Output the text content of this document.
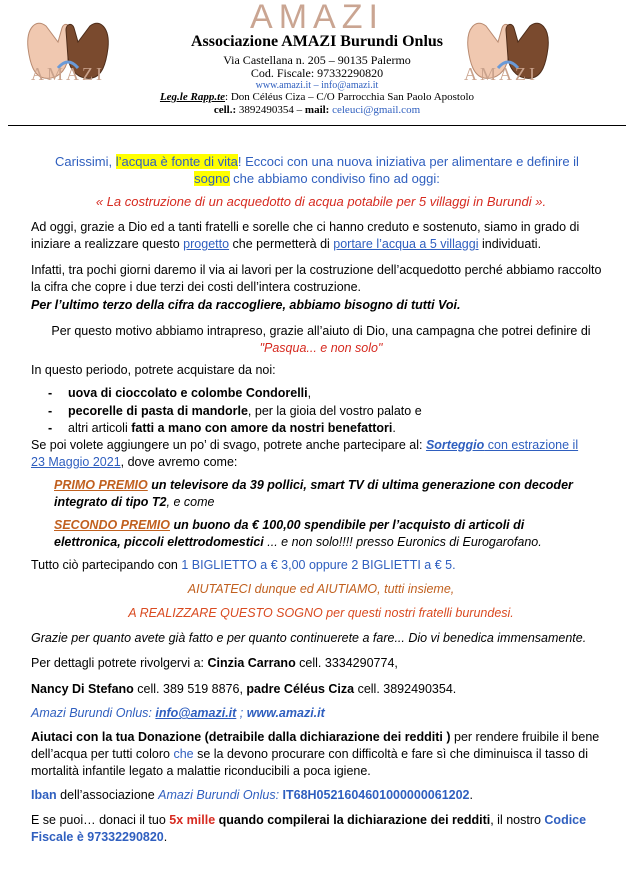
AMAZI	AMAZI
AMAZI
Associazione AMAZI Burundi Onlus
Via Castellana n. 205 – 90135 Palermo
Cod. Fiscale: 97332290820
www.amazi.it – info@amazi.it
Leg.le Rapp.te: Don Céléus Ciza – C/O Parrocchia San Paolo Apostolo
cell.: 3892490354 – mail: celeuci@gmail.com
Carissimi, l’acqua è fonte di vita! Eccoci con una nuova iniziativa per alimentare e definire il
sogno che abbiamo condiviso fino ad oggi:
« La costruzione di un acquedotto di acqua potabile per 5 villaggi in Burundi ».
Ad oggi, grazie a Dio ed a tanti fratelli e sorelle che ci hanno creduto e sostenuto, siamo in grado di iniziare a realizzare questo progetto che permetterà di portare l’acqua a 5 villaggi individuati.
Infatti, tra pochi giorni daremo il via ai lavori per la costruzione dell’acquedotto perché abbiamo raccolto la cifra che copre i due terzi dei costi dell’intera costruzione.
Per l’ultimo terzo della cifra da raccogliere, abbiamo bisogno di tutti Voi.
Per questo motivo abbiamo intrapreso, grazie all’aiuto di Dio, una campagna che potrei definire di
"Pasqua... e non solo"
In questo periodo, potrete acquistare da noi:
- uova di cioccolato e colombe Condorelli,
- pecorelle di pasta di mandorle, per la gioia del vostro palato e
- altri articoli fatti a mano con amore da nostri benefattori.
Se poi volete aggiungere un po’ di svago, potrete anche partecipare al: Sorteggio con estrazione il
23 Maggio 2021, dove avremo come:
PRIMO PREMIO un televisore da 39 pollici, smart TV di ultima generazione con decoder
integrato di tipo T2, e come
SECONDO PREMIO un buono da € 100,00 spendibile per l’acquisto di articoli di
elettronica, piccoli elettrodomestici ... e non solo!!!! presso Euronics di Eurogarofano.
Tutto ciò partecipando con 1 BIGLIETTO a € 3,00 oppure 2 BIGLIETTI a € 5.
AIUTATECI dunque ed AIUTIAMO, tutti insieme,
A REALIZZARE QUESTO SOGNO per questi nostri fratelli burundesi.
Grazie per quanto avete già fatto e per quanto continuerete a fare... Dio vi benedica immensamente.
Per dettagli potrete rivolgervi a: Cinzia Carrano cell. 3334290774,
Nancy Di Stefano cell. 389 519 8876, padre Céléus Ciza cell. 3892490354.
Amazi Burundi Onlus: info@amazi.it ; www.amazi.it
Aiutaci con la tua Donazione (detraibile dalla dichiarazione dei redditi ) per rendere fruibile il bene dell’acqua per tutti coloro che se la devono procurare con difficoltà e fare sì che diminuisca il tasso di mortalità infantile legato a malattie riconducibili a poca igiene.
Iban dell’associazione Amazi Burundi Onlus: IT68H0521604601000000061202.
E se puoi… donaci il tuo 5x mille quando compilerai la dichiarazione dei redditi, il nostro Codice Fiscale è 97332290820.
